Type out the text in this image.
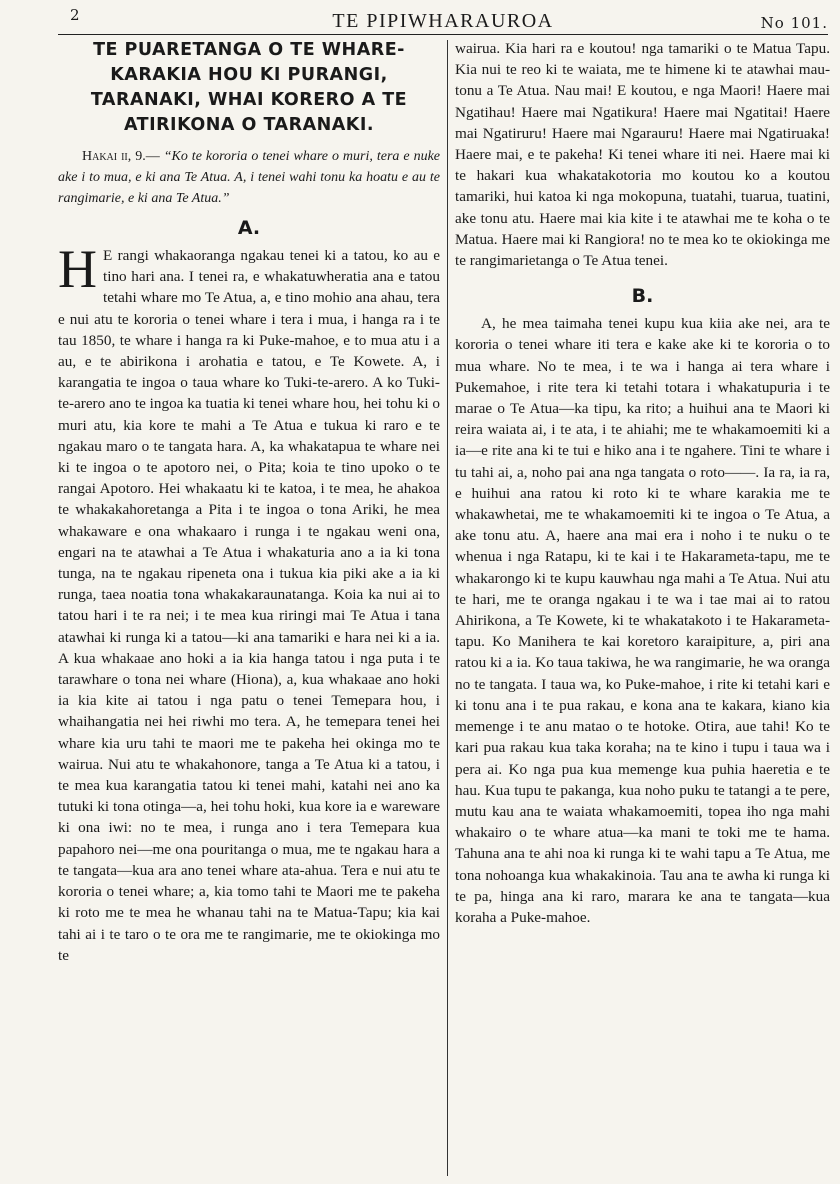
2	TE PIPIWHARAUROA	No 101.
TE PUARETANGA O TE WHARE-KARAKIA HOU KI PURANGI, TARANAKI, WHAI KORERO A TE ATIRIKONA O TARANAKI.

Hakai ii, 9.— “Ko te kororia o tenei whare o muri, tera e nuke ake i to mua, e ki ana Te Atua. A, i tenei wahi tonu ka hoatu e au te rangimarie, e ki ana Te Atua.”

A.

H E rangi whakaoranga ngakau tenei ki a tatou, ko au e tino hari ana. I tenei ra, e whakatuwheratia ana e tatou tetahi whare mo Te Atua, a, e tino mohio ana ahau, tera e nui atu te kororia o tenei whare i tera i mua, i hanga ra i te tau 1850, te whare i hanga ra ki Puke-mahoe, e to mua atu i a au, e te abirikona i arohatia e tatou, e Te Kowete. A, i karangatia te ingoa o taua whare ko Tuki-te-arero. A ko Tuki-te-arero ano te ingoa ka tuatia ki tenei whare hou, hei tohu ki o muri atu, kia kore te mahi a Te Atua e tukua ki raro e te ngakau maro o te tangata hara. A, ka whakatapua te whare nei ki te ingoa o te apotoro nei, o Pita; koia te tino upoko o te rangai Apotoro. Hei whakaatu ki te katoa, i te mea, he ahakoa te whakakahoretanga a Pita i te ingoa o tona Ariki, he mea whakaware e ona whakaaro i runga i te ngakau weni ona, engari na te atawhai a Te Atua i whakaturia ano a ia ki tona tunga, na te ngakau ripeneta ona i tukua kia piki ake a ia ki runga, taea noatia tona whakakaraunatanga. Koia ka nui ai to tatou hari i te ra nei; i te mea kua riringi mai Te Atua i tana atawhai ki runga ki a tatou—ki ana tamariki e hara nei ki a ia. A kua whakaae ano hoki a ia kia hanga tatou i nga puta i te tarawhare o tona nei whare (Hiona), a, kua whakaae ano hoki ia kia kite ai tatou i nga patu o tenei Temepara hou, i whaihangatia nei hei riwhi mo tera. A, he temepara tenei hei whare kia uru tahi te maori me te pakeha hei okinga mo te wairua. Nui atu te whakahonore, tanga a Te Atua ki a tatou, i te mea kua karangatia tatou ki tenei mahi, katahi nei ano ka tutuki ki tona otinga—a, hei tohu hoki, kua kore ia e wareware ki ona iwi: no te mea, i runga ano i tera Temepara kua papahoro nei—me ona pouritanga o mua, me te ngakau hara a te tangata—kua ara ano tenei whare ata-ahua. Tera e nui atu te kororia o tenei whare; a, kia tomo tahi te Maori me te pakeha ki roto me te mea he whanau tahi na te Matua-Tapu; kia kai tahi ai i te taro o te ora me te rangimarie, me te okiokinga mo te

wairua. Kia hari ra e koutou! nga tamariki o te Matua Tapu. Kia nui te reo ki te waiata, me te himene ki te atawhai mau-tonu a Te Atua. Nau mai! E koutou, e nga Maori! Haere mai Ngatihau! Haere mai Ngatikura! Haere mai Ngatitai! Haere mai Ngatiruru! Haere mai Ngarauru! Haere mai Ngatiruaka! Haere mai, e te pakeha! Ki tenei whare iti nei. Haere mai ki te hakari kua whakatakotoria mo koutou ko a koutou tamariki, hui katoa ki nga mokopuna, tuatahi, tuarua, tuatini, ake tonu atu. Haere mai kia kite i te atawhai me te koha o te Matua. Haere mai ki Rangiora! no te mea ko te okiokinga me te rangimarietanga o Te Atua tenei.

B.

A, he mea taimaha tenei kupu kua kiia ake nei, ara te kororia o tenei whare iti tera e kake ake ki te kororia o to mua whare. No te mea, i te wa i hanga ai tera whare i Pukemahoe, i rite tera ki tetahi totara i whakatupuria i te marae o Te Atua—ka tipu, ka rito; a huihui ana te Maori ki reira waiata ai, i te ata, i te ahiahi; me te whakamoemiti ki a ia—e rite ana ki te tui e hiko ana i te ngahere. Tini te whare i tu tahi ai, a, noho pai ana nga tangata o roto——. Ia ra, ia ra, e huihui ana ratou ki roto ki te whare karakia me te whakawhetai, me te whakamoemiti ki te ingoa o Te Atua, a ake tonu atu. A, haere ana mai era i noho i te nuku o te whenua i nga Ratapu, ki te kai i te Hakarameta-tapu, me te whakarongo ki te kupu kauwhau nga mahi a Te Atua. Nui atu te hari, me te oranga ngakau i te wa i tae mai ai to ratou Ahirikona, a Te Kowete, ki te whakatakoto i te Hakarameta-tapu. Ko Manihera te kai koretoro karaipiture, a, piri ana ratou ki a ia. Ko taua takiwa, he wa rangimarie, he wa oranga no te tangata. I taua wa, ko Puke-mahoe, i rite ki tetahi kari e ki tonu ana i te pua rakau, e kona ana te kakara, kiano kia memenge i te anu matao o te hotoke. Otira, aue tahi! Ko te kari pua rakau kua taka koraha; na te kino i tupu i taua wa i pera ai. Ko nga pua kua memenge kua puhia haeretia e te hau. Kua tupu te pakanga, kua noho puku te tatangi a te pere, mutu kau ana te waiata whakamoemiti, topea iho nga mahi whakairo o te whare atua—ka mani te toki me te hama. Tahuna ana te ahi noa ki runga ki te wahi tapu a Te Atua, me tona nohoanga kua whakakinoia. Tau ana te awha ki runga ki te pa, hinga ana ki raro, marara ke ana te tangata—kua koraha a Puke-mahoe.
